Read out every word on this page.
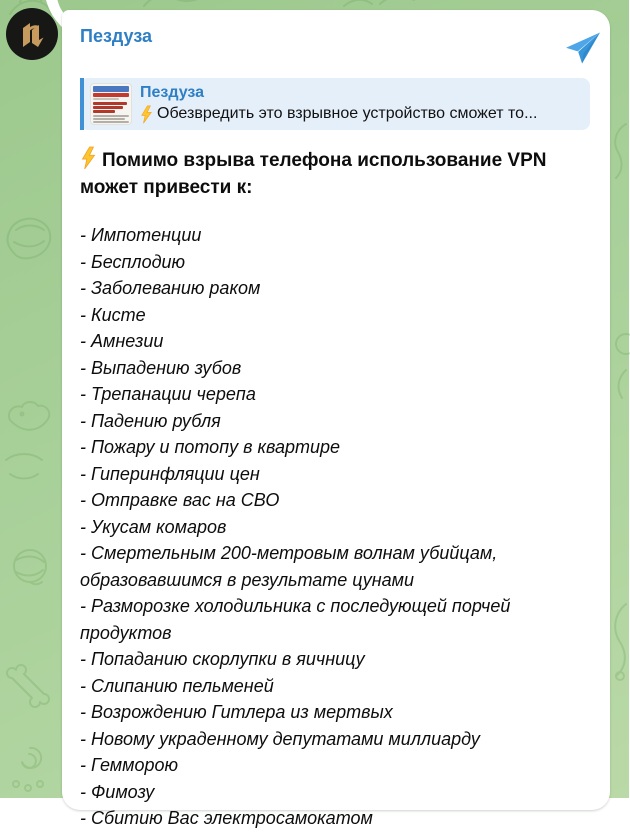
Пездуза
Пездуза
Обезвредить это взрывное устройство сможет то...
Помимо взрыва телефона использование VPN может привести к:
- Импотенции
- Бесплодию
- Заболеванию раком
- Кисте
- Амнезии
- Выпадению зубов
- Трепанации черепа
- Падению рубля
- Пожару и потопу в квартире
- Гиперинфляции цен
- Отправке вас на СВО
- Укусам комаров
- Смертельным 200-метровым волнам убийцам, образовавшимся в результате цунами
- Разморозке холодильника с последующей порчей продуктов
- Попаданию скорлупки в яичницу
- Слипанию пельменей
- Возрождению Гитлера из мертвых
- Новому украденному депутатами миллиарду
- Гемморою
- Фимозу
- Сбитию Вас электросамокатом
